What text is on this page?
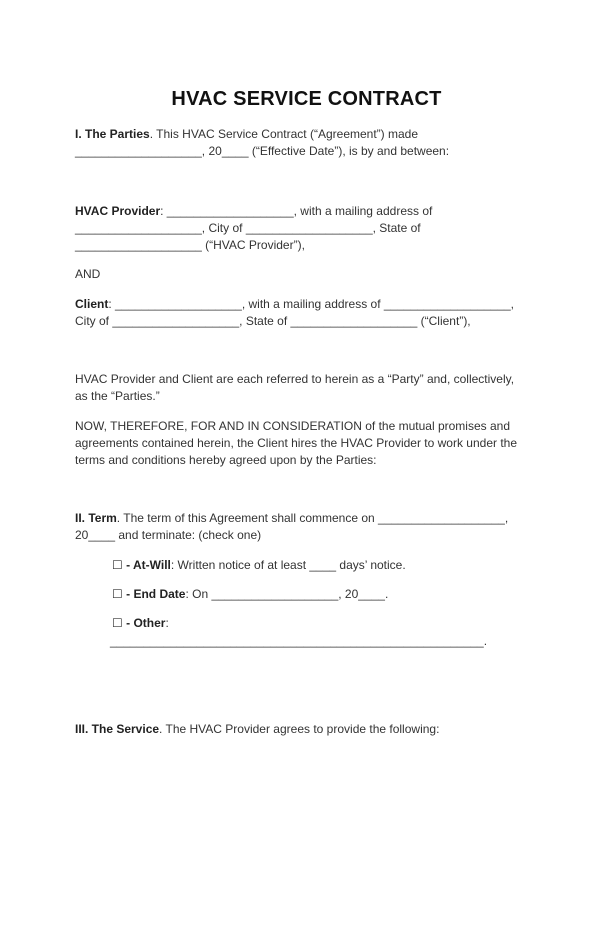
HVAC SERVICE CONTRACT
I. The Parties. This HVAC Service Contract (“Agreement”) made
___________________, 20____ (“Effective Date”), is by and between:
HVAC Provider: ___________________, with a mailing address of
___________________, City of ___________________, State of
___________________ (“HVAC Provider”),
AND
Client: ___________________, with a mailing address of ___________________,
City of ___________________, State of ___________________ (“Client”),
HVAC Provider and Client are each referred to herein as a “Party” and, collectively,
as the “Parties.”
NOW, THEREFORE, FOR AND IN CONSIDERATION of the mutual promises and
agreements contained herein, the Client hires the HVAC Provider to work under the
terms and conditions hereby agreed upon by the Parties:
II. Term. The term of this Agreement shall commence on ___________________,
20____ and terminate: (check one)
☐ - At-Will: Written notice of at least ____ days’ notice.
☐ - End Date: On ___________________, 20____.
☐ - Other:
________________________________________________________.
III. The Service. The HVAC Provider agrees to provide the following:
